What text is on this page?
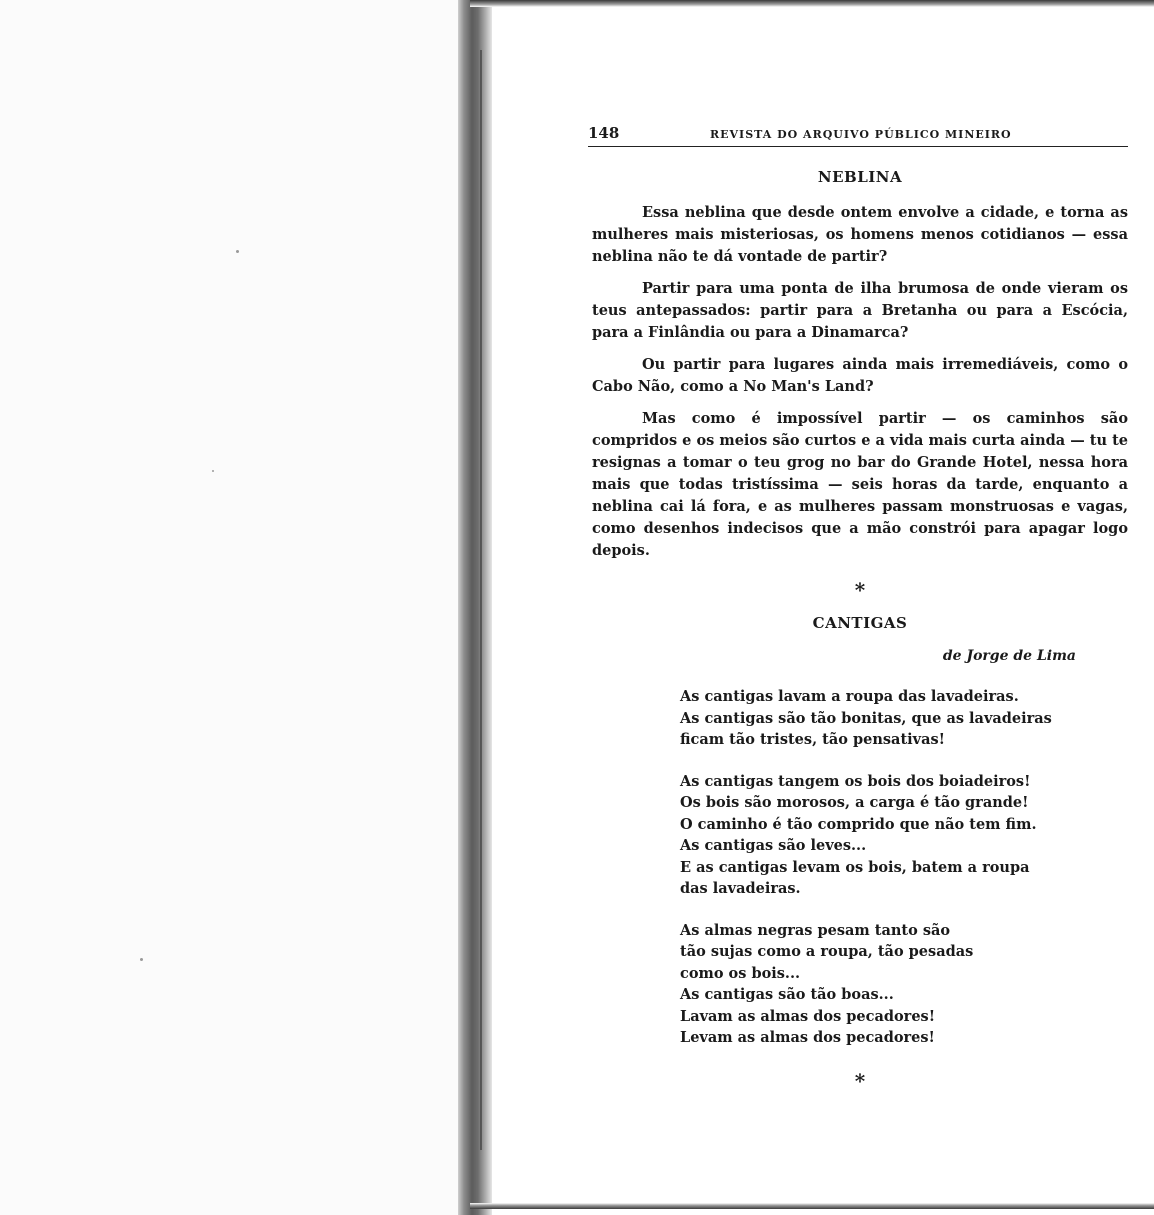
148	REVISTA DO ARQUIVO PÚBLICO MINEIRO
NEBLINA

Essa neblina que desde ontem envolve a cidade, e torna as mulheres mais misteriosas, os homens menos cotidianos — essa neblina não te dá vontade de partir?

Partir para uma ponta de ilha brumosa de onde vieram os teus antepassados: partir para a Bretanha ou para a Escócia, para a Finlândia ou para a Dinamarca?

Ou partir para lugares ainda mais irremediáveis, como o Cabo Não, como a No Man's Land?

Mas como é impossível partir — os caminhos são compridos e os meios são curtos e a vida mais curta ainda — tu te resignas a tomar o teu grog no bar do Grande Hotel, nessa hora mais que todas tristíssima — seis horas da tarde, enquanto a neblina cai lá fora, e as mulheres passam monstruosas e vagas, como desenhos indecisos que a mão constrói para apagar logo depois.

*
CANTIGAS
de Jorge de Lima
As cantigas lavam a roupa das lavadeiras.
As cantigas são tão bonitas, que as lavadeiras
ficam tão tristes, tão pensativas!
As cantigas tangem os bois dos boiadeiros!
Os bois são morosos, a carga é tão grande!
O caminho é tão comprido que não tem fim.
As cantigas são leves...
E as cantigas levam os bois, batem a roupa
das lavadeiras.
As almas negras pesam tanto são
tão sujas como a roupa, tão pesadas
como os bois...
As cantigas são tão boas...
Lavam as almas dos pecadores!
Levam as almas dos pecadores!
*
